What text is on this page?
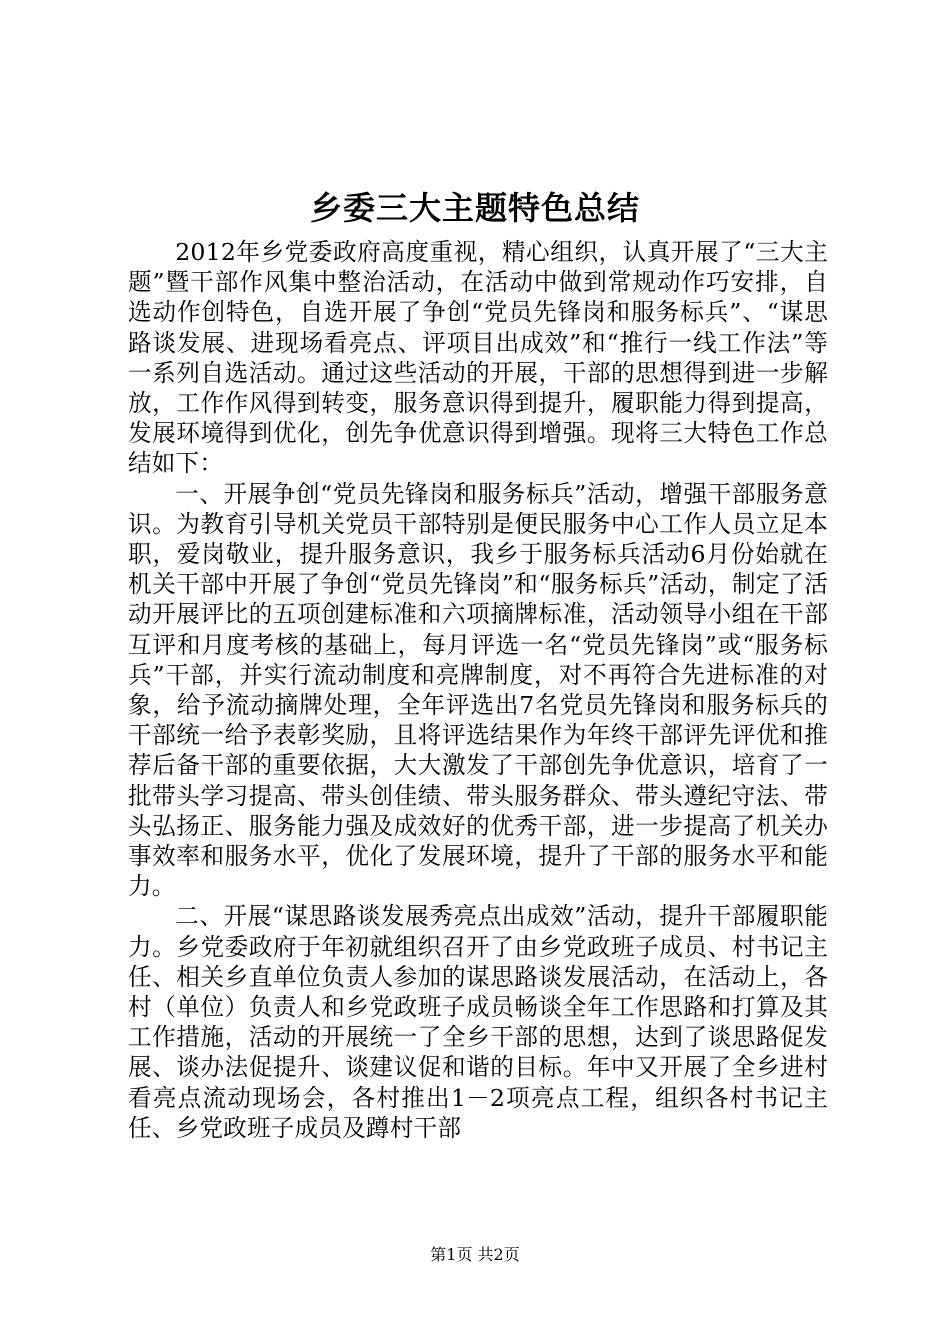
乡委三大主题特色总结

2012年乡党委政府高度重视，精心组织，认真开展了“三大主题”暨干部作风集中整治活动，在活动中做到常规动作巧安排，自选动作创特色，自选开展了争创“党员先锋岗和服务标兵”、“谋思路谈发展、进现场看亮点、评项目出成效”和“推行一线工作法”等一系列自选活动。通过这些活动的开展，干部的思想得到进一步解放，工作作风得到转变，服务意识得到提升，履职能力得到提高，发展环境得到优化，创先争优意识得到增强。现将三大特色工作总结如下：

一、开展争创“党员先锋岗和服务标兵”活动，增强干部服务意识。为教育引导机关党员干部特别是便民服务中心工作人员立足本职，爱岗敬业，提升服务意识，我乡于服务标兵活动6月份始就在机关干部中开展了争创“党员先锋岗”和“服务标兵”活动，制定了活动开展评比的五项创建标准和六项摘牌标准，活动领导小组在干部互评和月度考核的基础上，每月评选一名“党员先锋岗”或“服务标兵”干部，并实行流动制度和亮牌制度，对不再符合先进标准的对象，给予流动摘牌处理，全年评选出7名党员先锋岗和服务标兵的干部统一给予表彰奖励，且将评选结果作为年终干部评先评优和推荐后备干部的重要依据，大大激发了干部创先争优意识，培育了一批带头学习提高、带头创佳绩、带头服务群众、带头遵纪守法、带头弘扬正、服务能力强及成效好的优秀干部，进一步提高了机关办事效率和服务水平，优化了发展环境，提升了干部的服务水平和能力。

二、开展“谋思路谈发展秀亮点出成效”活动，提升干部履职能力。乡党委政府于年初就组织召开了由乡党政班子成员、村书记主任、相关乡直单位负责人参加的谋思路谈发展活动，在活动上，各村（单位）负责人和乡党政班子成员畅谈全年工作思路和打算及其工作措施，活动的开展统一了全乡干部的思想，达到了谈思路促发展、谈办法促提升、谈建议促和谐的目标。年中又开展了全乡进村看亮点流动现场会，各村推出1－2项亮点工程，组织各村书记主任、乡党政班子成员及蹲村干部

第1页 共2页
